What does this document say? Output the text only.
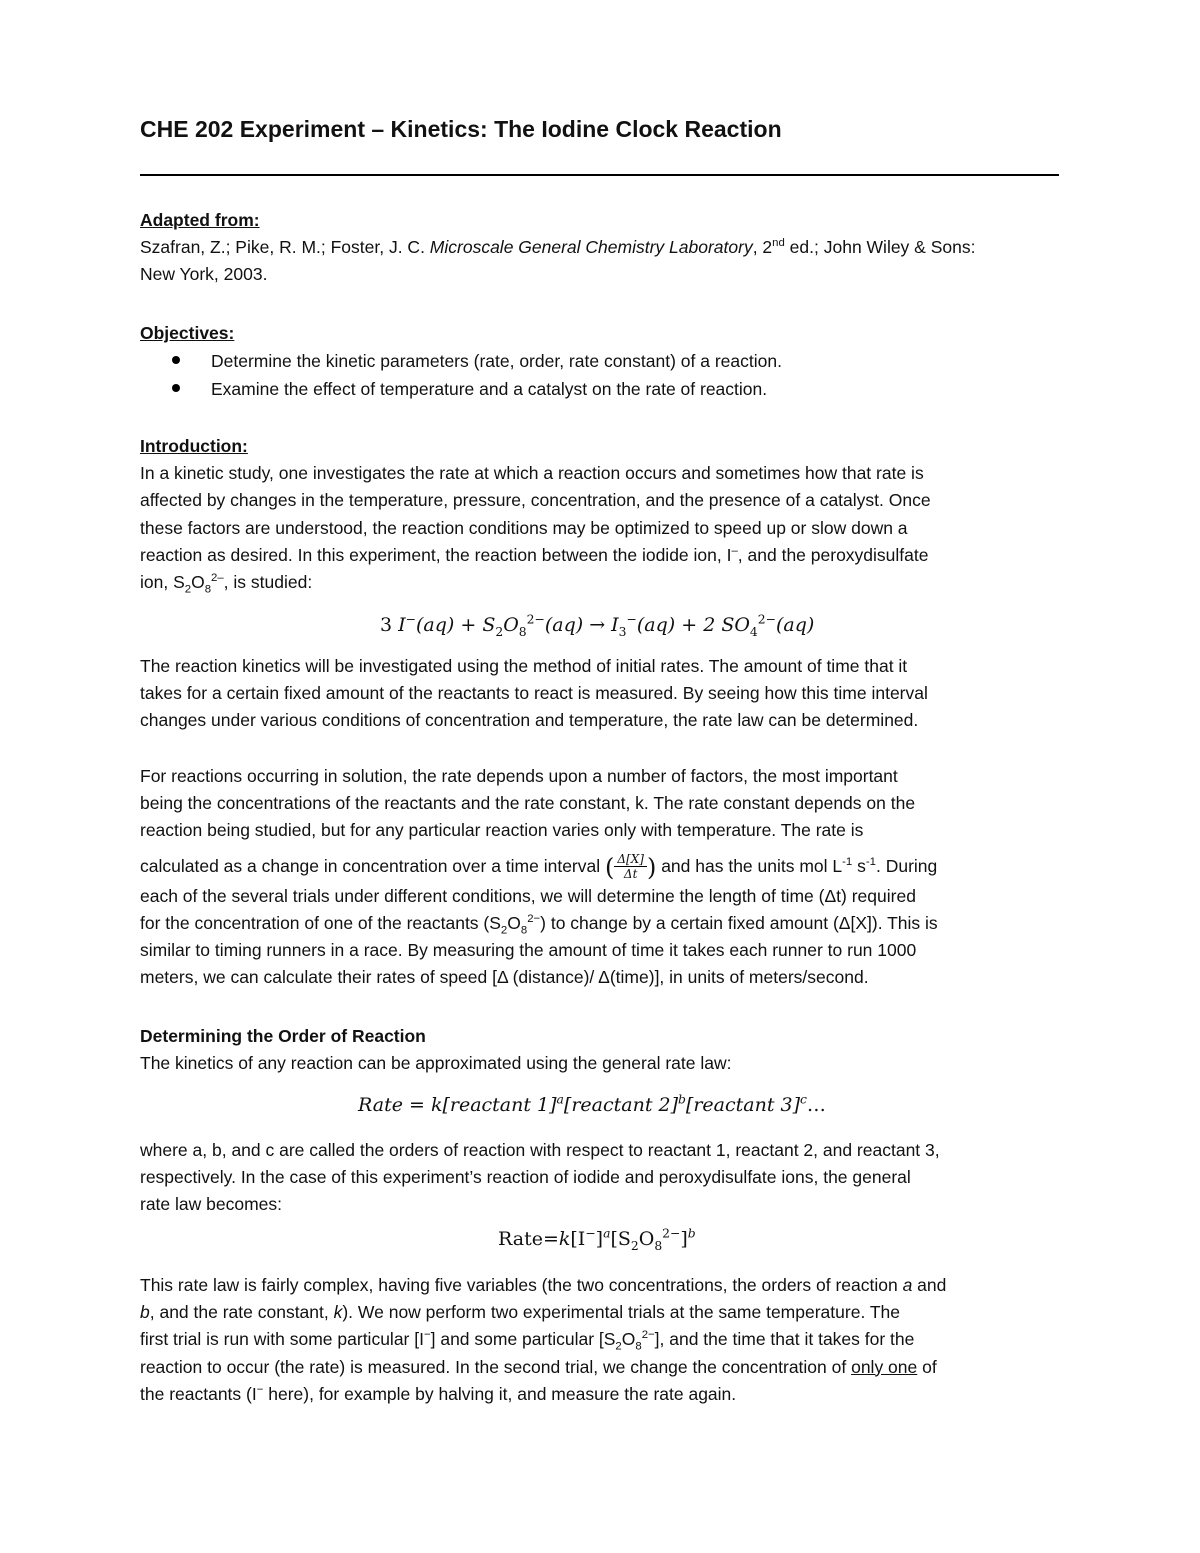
CHE 202 Experiment – Kinetics: The Iodine Clock Reaction
Adapted from:
Szafran, Z.; Pike, R. M.; Foster, J. C. Microscale General Chemistry Laboratory, 2nd ed.; John Wiley & Sons:
New York, 2003.
Objectives:
Determine the kinetic parameters (rate, order, rate constant) of a reaction.
Examine the effect of temperature and a catalyst on the rate of reaction.
Introduction:
In a kinetic study, one investigates the rate at which a reaction occurs and sometimes how that rate is
affected by changes in the temperature, pressure, concentration, and the presence of a catalyst. Once
these factors are understood, the reaction conditions may be optimized to speed up or slow down a
reaction as desired. In this experiment, the reaction between the iodide ion, I–, and the peroxydisulfate
ion, $S_2O_8^{2-}$, is studied:
3 $I^-(aq) + S_2O_8^{2-}(aq) \to I_3^-(aq) + 2$ $SO_4^{2-}(aq)$
The reaction kinetics will be investigated using the method of initial rates. The amount of time that it
takes for a certain fixed amount of the reactants to react is measured. By seeing how this time interval
changes under various conditions of concentration and temperature, the rate law can be determined.
For reactions occurring in solution, the rate depends upon a number of factors, the most important
being the concentrations of the reactants and the rate constant, k. The rate constant depends on the
reaction being studied, but for any particular reaction varies only with temperature. The rate is
calculated as a change in concentration over a time interval ( $\frac{\Delta[X]}{\Delta t}$ ) and has the units mol $L^{-1}$ $s^{-1}$. During
each of the several trials under different conditions, we will determine the length of time (Δt) required
for the concentration of one of the reactants $(S_2O_8^{2-})$ to change by a certain fixed amount (Δ[X]). This is
similar to timing runners in a race. By measuring the amount of time it takes each runner to run 1000
meters, we can calculate their rates of speed [Δ (distance)/ Δ(time)], in units of meters/second.
Determining the Order of Reaction
The kinetics of any reaction can be approximated using the general rate law:
Rate = k[reactant 1]$^a$[reactant 2]$^b$[reactant 3]$^c$…
where a, b, and c are called the orders of reaction with respect to reactant 1, reactant 2, and reactant 3,
respectively. In the case of this experiment’s reaction of iodide and peroxydisulfate ions, the general
rate law becomes:
$Rate=k[I^-]^a[S_2O_8^{2-}]^b$
This rate law is fairly complex, having five variables (the two concentrations, the orders of reaction a and
b, and the rate constant, k). We now perform two experimental trials at the same temperature. The
first trial is run with some particular [I−] and some particular $[S_2O_8^{2-}]$, and the time that it takes for the
reaction to occur (the rate) is measured. In the second trial, we change the concentration of only one of
the reactants (I− here), for example by halving it, and measure the rate again.
